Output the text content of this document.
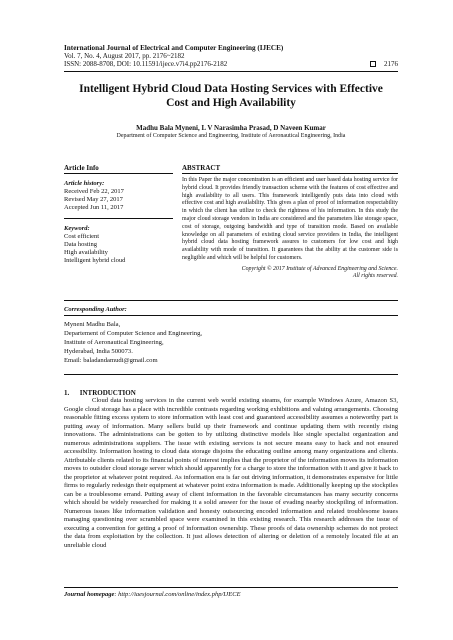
International Journal of Electrical and Computer Engineering (IJECE)
Vol. 7, No. 4, August 2017, pp. 2176~2182
ISSN: 2088-8708, DOI: 10.11591/ijece.v7i4.pp2176-2182	2176
Intelligent Hybrid Cloud Data Hosting Services with Effective
Cost and High Availability
Madhu Bala Myneni, L V Narasimha Prasad, D Naveen Kumar
Department of Computer Science and Engineering, Institute of Aeronautical Engineering, India
Article Info
Article history:
Received Feb 22, 2017
Revised May 27, 2017
Accepted Jun 11, 2017
Keyword:
Cost efficient
Data hosting
High availability
Intelligent hybrid cloud
ABSTRACT
In this Paper the major concentration is an efficient and user based data hosting service for hybrid cloud. It provides friendly transaction scheme with the features of cost effective and high availability to all users. This framework intelligently puts data into cloud with effective cost and high availability. This gives a plan of proof of information respectability in which the client has utilize to check the rightness of his information. In this study the major cloud storage vendors in India are considered and the parameters like storage space, cost of storage, outgoing bandwidth and type of transition mode. Based on available knowledge on all parameters of existing cloud service providers in India, the intelligent hybrid cloud data hosting framework assures to customers for low cost and high availability with mode of transition. It guarantees that the ability at the customer side is negligible and which will be helpful for customers.
Copyright © 2017 Institute of Advanced Engineering and Science.
All rights reserved.
Corresponding Author:
Myneni Madhu Bala,
Departement of Computer Science and Engineering,
Institute of Aeronautical Engineering,
Hyderabad, India 500073.
Email: baladandamudi@gmail.com
1.      INTRODUCTION

Cloud data hosting services in the current web world existing steams, for example Windows Azure, Amazon S3, Google cloud storage has a place with incredible contrasts regarding working exhibitions and valuing arrangements. Choosing reasonable fitting excess system to store information with least cost and guaranteed accessibility assumes a noteworthy part is putting away of information. Many sellers build up their framework and continue updating them with recently rising innovations. The administrations can be gotten to by utilizing distinctive models like single specialist organization and numerous administrations suppliers. The issue with existing services is not secure means easy to hack and not ensured accessibility. Information hosting to cloud data storage disjoins the educating outline among many organizations and clients. Attributable clients related to its financial points of interest implies that the proprietor of the information moves its information moves to outsider cloud storage server which should apparently for a charge to store the information with it and give it back to the proprietor at whatever point required. As information era is far out driving information, it demonstrates expensive for little firms to regularly redesign their equipment at whatever point extra information is made. Additionally keeping up the stockpiles can be a troublesome errand. Putting away of client information in the favorable circumstances has many security concerns which should be widely researched for making it a solid answer for the issue of evading nearby stockpiling of information. Numerous issues like information validation and honesty outsourcing encoded information and related troublesome issues managing questioning over scrambled space were examined in this existing research. This research addresses the issue of executing a convention for getting a proof of information ownership. These proofs of data ownership schemes do not protect the data from exploitation by the collection. It just allows detection of altering or deletion of a remotely located file at an unreliable cloud

Journal homepage: http://iaesjournal.com/online/index.php/IJECE
